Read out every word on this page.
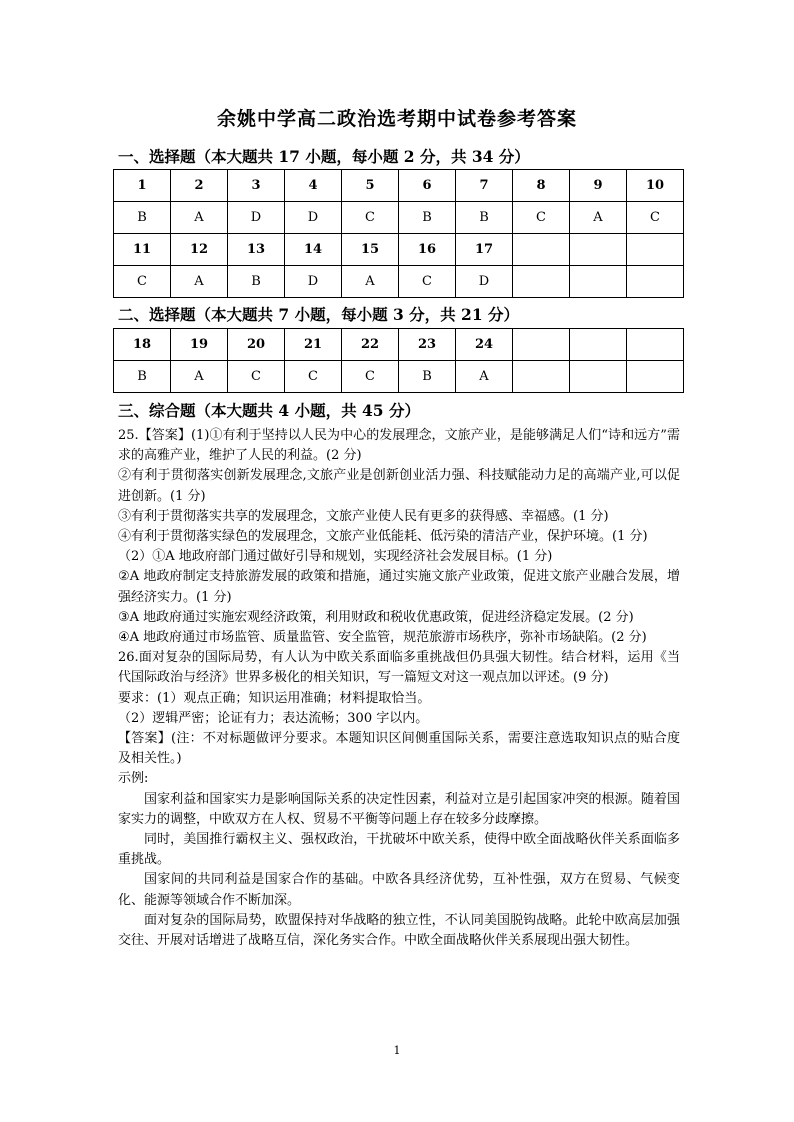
余姚中学高二政治选考期中试卷参考答案
一、选择题（本大题共 17 小题，每小题 2 分，共 34 分）
1	2	3	4	5	6	7	8	9	10
B	A	D	D	C	B	B	C	A	C
11	12	13	14	15	16	17			
C	A	B	D	A	C	D			
二、选择题（本大题共 7 小题，每小题 3 分，共 21 分）
18	19	20	21	22	23	24			
B	A	C	C	C	B	A			
三、综合题（本大题共 4 小题，共 45 分）

25.【答案】(1)①有利于坚持以人民为中心的发展理念，文旅产业，是能够满足人们“诗和远方”需求的高雅产业，维护了人民的利益。(2 分)

②有利于贯彻落实创新发展理念,文旅产业是创新创业活力强、科技赋能动力足的高端产业,可以促进创新。(1 分)

③有利于贯彻落实共享的发展理念，文旅产业使人民有更多的获得感、幸福感。(1 分)

④有利于贯彻落实绿色的发展理念，文旅产业低能耗、低污染的清洁产业，保护环境。(1 分)

（2）①A 地政府部门通过做好引导和规划，实现经济社会发展目标。(1 分)

②A 地政府制定支持旅游发展的政策和措施，通过实施文旅产业政策，促进文旅产业融合发展，增强经济实力。(1 分)

③A 地政府通过实施宏观经济政策，利用财政和税收优惠政策，促进经济稳定发展。(2 分)

④A 地政府通过市场监管、质量监管、安全监管，规范旅游市场秩序，弥补市场缺陷。(2 分)

26.面对复杂的国际局势，有人认为中欧关系面临多重挑战但仍具强大韧性。结合材料，运用《当代国际政治与经济》世界多极化的相关知识，写一篇短文对这一观点加以评述。(9 分)

要求：(1）观点正确；知识运用准确；材料提取恰当。

（2）逻辑严密；论证有力；表达流畅；300 字以内。

【答案】(注：不对标题做评分要求。本题知识区间侧重国际关系，需要注意选取知识点的贴合度及相关性。)

示例:

国家利益和国家实力是影响国际关系的决定性因素，利益对立是引起国家冲突的根源。随着国家实力的调整，中欧双方在人权、贸易不平衡等问题上存在较多分歧摩擦。

同时，美国推行霸权主义、强权政治，干扰破坏中欧关系，使得中欧全面战略伙伴关系面临多重挑战。

国家间的共同利益是国家合作的基础。中欧各具经济优势，互补性强，双方在贸易、气候变化、能源等领域合作不断加深。

面对复杂的国际局势，欧盟保持对华战略的独立性，不认同美国脱钩战略。此轮中欧高层加强交往、开展对话增进了战略互信，深化务实合作。中欧全面战略伙伴关系展现出强大韧性。

1
